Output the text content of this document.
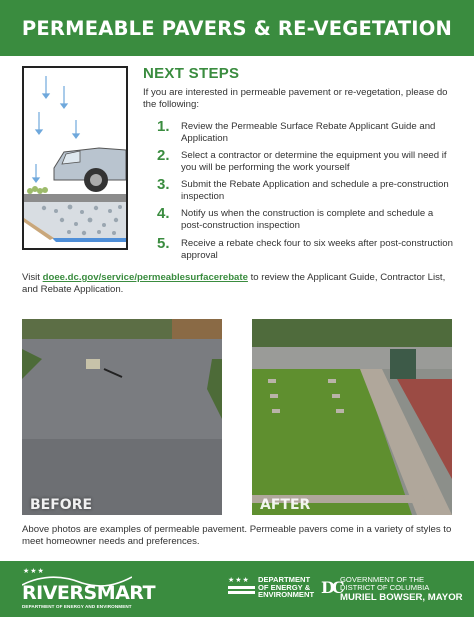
PERMEABLE PAVERS & RE-VEGETATION
NEXT STEPS
If you are interested in permeable pavement or re-vegetation, please do the following:
1.	Review the Permeable Surface Rebate Applicant Guide and Application
2.	Select a contractor or determine the equipment you will need if you will be performing the work yourself
3.	Submit the Rebate Application and schedule a pre-construction inspection
4.	Notify us when the construction is complete and schedule a post-construction inspection
5.	Receive a rebate check four to six weeks after post-construction approval
Visit doee.dc.gov/service/permeablesurfacerebate to review the Applicant Guide, Contractor List, and Rebate Application.
BEFORE	AFTER
Above photos are examples of permeable pavement. Permeable pavers come in a variety of styles to meet homeowner needs and preferences.
★★★
RIVERSMART
DEPARTMENT OF ENERGY AND ENVIRONMENT
★★★ DEPARTMENT
OF ENERGY &
ENVIRONMENT DC
GOVERNMENT OF THE
DISTRICT OF COLUMBIA
MURIEL BOWSER, MAYOR
